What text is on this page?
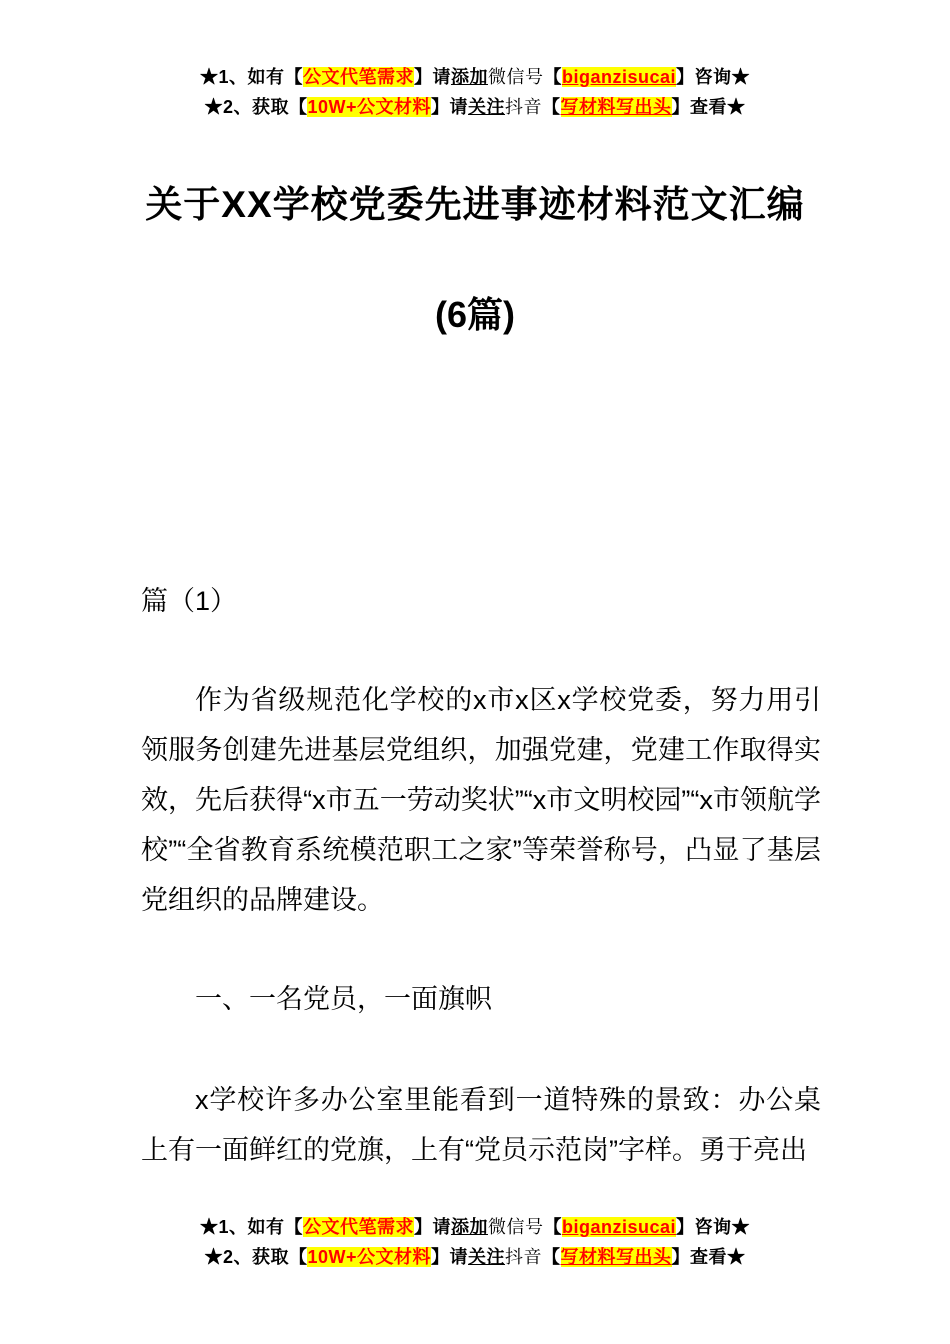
★1、如有【公文代笔需求】请添加微信号【biganzisucai】咨询★
★2、获取【10W+公文材料】请关注抖音【写材料写出头】查看★
关于XX学校党委先进事迹材料范文汇编
(6篇)
篇（1）

作为省级规范化学校的x市x区x学校党委，努力用引领服务创建先进基层党组织，加强党建，党建工作取得实效，先后获得“x市五一劳动奖状”“x市文明校园”“x市领航学校”“全省教育系统模范职工之家”等荣誉称号，凸显了基层党组织的品牌建设。

一、一名党员，一面旗帜

x学校许多办公室里能看到一道特殊的景致：办公桌上有一面鲜红的党旗，上有“党员示范岗”字样。勇于亮出

★1、如有【公文代笔需求】请添加微信号【biganzisucai】咨询★
★2、获取【10W+公文材料】请关注抖音【写材料写出头】查看★
